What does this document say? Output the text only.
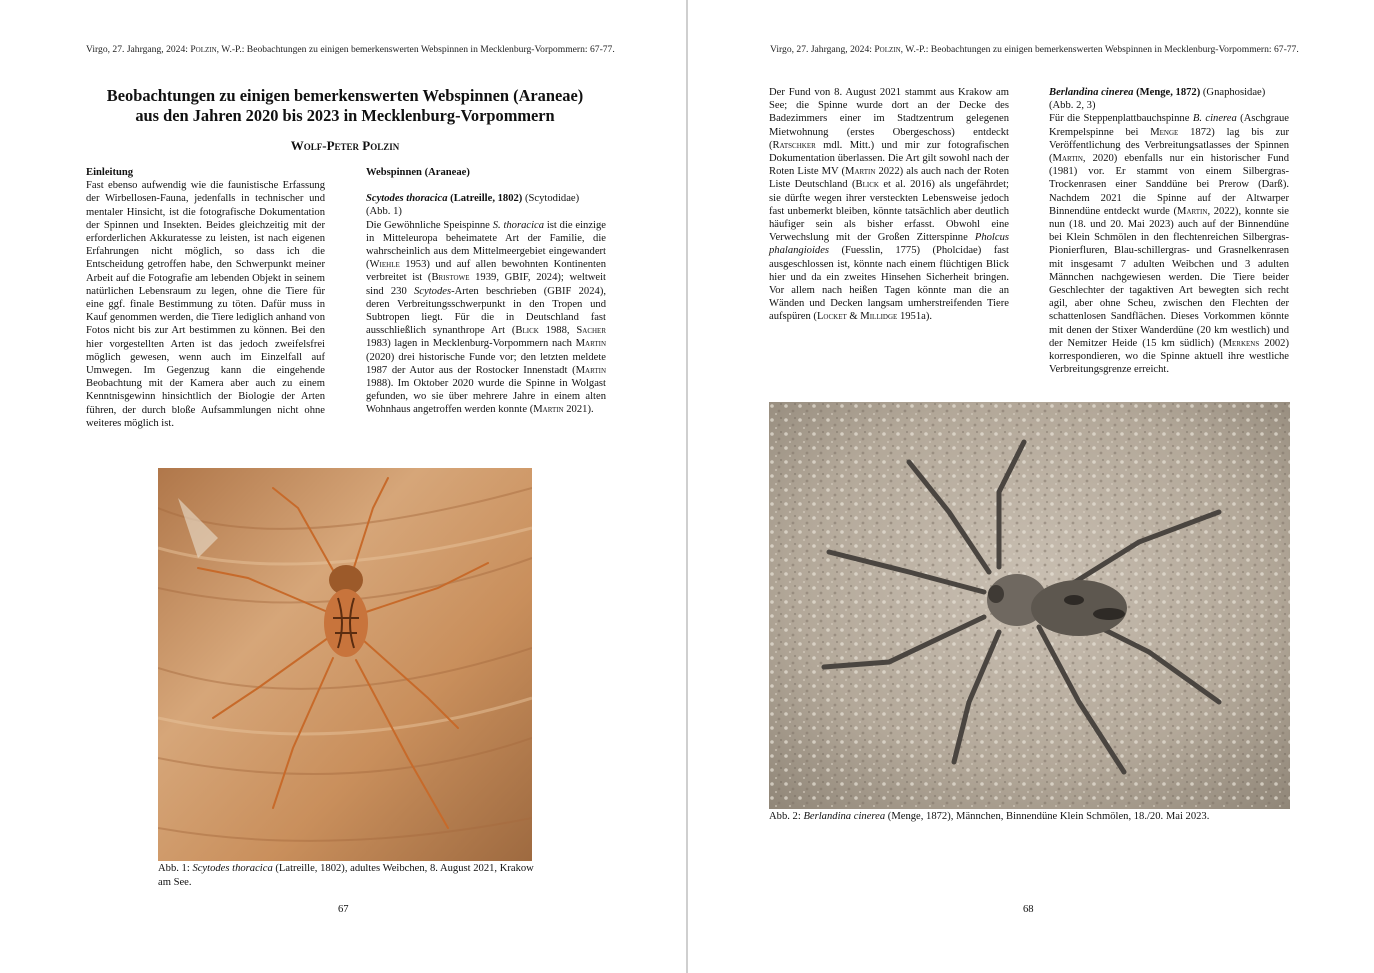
Virgo, 27. Jahrgang, 2024: Polzin, W.-P.: Beobachtungen zu einigen bemerkenswerten Webspinnen in Mecklenburg-Vorpommern: 67-77.
Beobachtungen zu einigen bemerkenswerten Webspinnen (Araneae)
aus den Jahren 2020 bis 2023 in Mecklenburg-Vorpommern
Wolf-Peter Polzin

Einleitung

Fast ebenso aufwendig wie die faunistische Erfassung der Wirbellosen-Fauna, jedenfalls in technischer und mentaler Hinsicht, ist die fotografische Dokumentation der Spinnen und Insekten. Beides gleichzeitig mit der erforderlichen Akkuratesse zu leisten, ist nach eigenen Erfahrungen nicht möglich, so dass ich die Entscheidung getroffen habe, den Schwerpunkt meiner Arbeit auf die Fotografie am lebenden Objekt in seinem natürlichen Lebensraum zu legen, ohne die Tiere für eine ggf. finale Bestimmung zu töten. Dafür muss in Kauf genommen werden, die Tiere lediglich anhand von Fotos nicht bis zur Art bestimmen zu können. Bei den hier vorgestellten Arten ist das jedoch zweifelsfrei möglich gewesen, wenn auch im Einzelfall auf Umwegen. Im Gegenzug kann die eingehende Beobachtung mit der Kamera aber auch zu einem Kenntnisgewinn hinsichtlich der Biologie der Arten führen, der durch bloße Aufsammlungen nicht ohne weiteres möglich ist.

Webspinnen (Araneae)

Scytodes thoracica (Latreille, 1802) (Scytodidae)

(Abb. 1)

Die Gewöhnliche Speispinne S. thoracica ist die einzige in Mitteleuropa beheimatete Art der Familie, die wahrscheinlich aus dem Mittelmeergebiet eingewandert (Wiehle 1953) und auf allen bewohnten Kontinenten verbreitet ist (Bristowe 1939, GBIF, 2024); weltweit sind 230 Scytodes-Arten beschrieben (GBIF 2024), deren Verbreitungsschwerpunkt in den Tropen und Subtropen liegt. Für die in Deutschland fast ausschließlich synanthrope Art (Blick 1988, Sacher 1983) lagen in Mecklenburg-Vorpommern nach Martin (2020) drei historische Funde vor; den letzten meldete 1987 der Autor aus der Rostocker Innenstadt (Martin 1988). Im Oktober 2020 wurde die Spinne in Wolgast gefunden, wo sie über mehrere Jahre in einem alten Wohnhaus angetroffen werden konnte (Martin 2021).

Abb. 1: Scytodes thoracica (Latreille, 1802), adultes Weibchen, 8. August 2021, Krakow am See.
67
Virgo, 27. Jahrgang, 2024: Polzin, W.-P.: Beobachtungen zu einigen bemerkenswerten Webspinnen in Mecklenburg-Vorpommern: 67-77.

Der Fund von 8. August 2021 stammt aus Krakow am See; die Spinne wurde dort an der Decke des Badezimmers einer im Stadtzentrum gelegenen Mietwohnung (erstes Obergeschoss) entdeckt (Ratschker mdl. Mitt.) und mir zur fotografischen Dokumentation überlassen. Die Art gilt sowohl nach der Roten Liste MV (Martin 2022) als auch nach der Roten Liste Deutschland (Blick et al. 2016) als ungefährdet; sie dürfte wegen ihrer versteckten Lebensweise jedoch fast unbemerkt bleiben, könnte tatsächlich aber deutlich häufiger sein als bisher erfasst. Obwohl eine Verwechslung mit der Großen Zitterspinne Pholcus phalangioides (Fuesslin, 1775) (Pholcidae) fast ausgeschlossen ist, könnte nach einem flüchtigen Blick hier und da ein zweites Hinsehen Sicherheit bringen. Vor allem nach heißen Tagen könnte man die an Wänden und Decken langsam umherstreifenden Tiere aufspüren (Locket & Millidge 1951a).

Berlandina cinerea (Menge, 1872) (Gnaphosidae)

(Abb. 2, 3)

Für die Steppenplattbauchspinne B. cinerea (Aschgraue Krempelspinne bei Menge 1872) lag bis zur Veröffentlichung des Verbreitungsatlasses der Spinnen (Martin, 2020) ebenfalls nur ein historischer Fund (1981) vor. Er stammt von einem Silbergras-Trockenrasen einer Sanddüne bei Prerow (Darß). Nachdem 2021 die Spinne auf der Altwarper Binnendüne entdeckt wurde (Martin, 2022), konnte sie nun (18. und 20. Mai 2023) auch auf der Binnendüne bei Klein Schmölen in den flechtenreichen Silbergras-Pionierfluren, Blau-schillergras- und Grasnelkenrasen mit insgesamt 7 adulten Weibchen und 3 adulten Männchen nachgewiesen werden. Die Tiere beider Geschlechter der tagaktiven Art bewegten sich recht agil, aber ohne Scheu, zwischen den Flechten der schattenlosen Sandflächen. Dieses Vorkommen könnte mit denen der Stixer Wanderdüne (20 km westlich) und der Nemitzer Heide (15 km südlich) (Merkens 2002) korrespondieren, wo die Spinne aktuell ihre westliche Verbreitungsgrenze erreicht.

Abb. 2: Berlandina cinerea (Menge, 1872), Männchen, Binnendüne Klein Schmölen, 18./20. Mai 2023.
68
